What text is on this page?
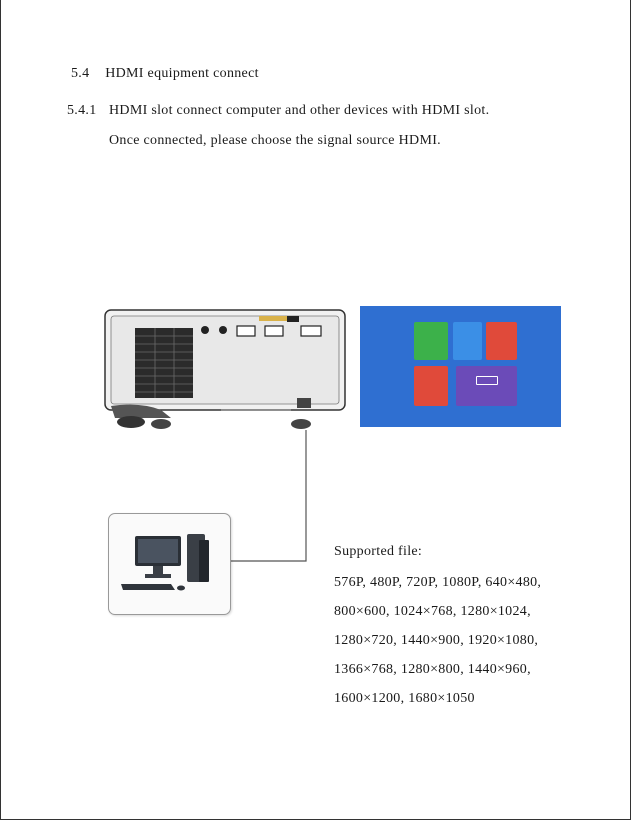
5.4 HDMI equipment connect
5.4.1 HDMI slot connect computer and other devices with HDMI slot.
Once connected, please choose the signal source HDMI.
Supported file:
576P, 480P, 720P, 1080P, 640×480,
800×600, 1024×768, 1280×1024,
1280×720, 1440×900, 1920×1080,
1366×768, 1280×800, 1440×960,
1600×1200, 1680×1050
